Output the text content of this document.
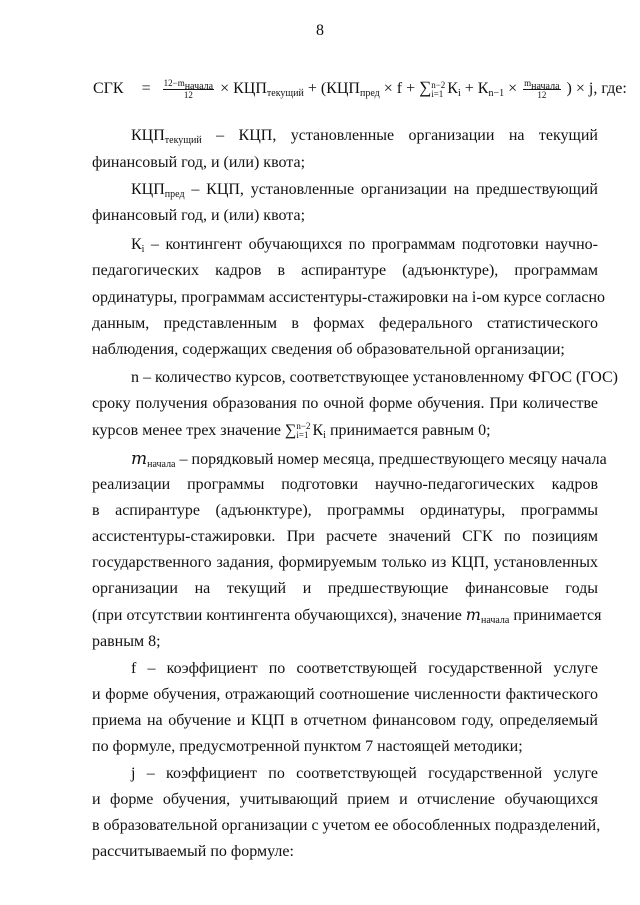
8
СГК = $\frac{12-m_{начала}}{12} \times КЦП_{текущий} + (КЦП_{пред} \times f$ + ∑ n−2
i=1 $К_i + К_{n-1} \times \frac{m_{начала}}{12}$ ) × j, где:
$КЦП_{текущий}$ – КЦП, установленные организации на текущий
финансовый год, и (или) квота;
$КЦП_{пред}$ – КЦП, установленные организации на предшествующий
финансовый год, и (или) квота;
$К_i$ – контингент обучающихся по программам подготовки научно-
педагогических кадров в аспирантуре (адъюнктуре), программам
ординатуры, программам ассистентуры-стажировки на i-ом курсе согласно
данным, представленным в формах федерального статистического
наблюдения, содержащих сведения об образовательной организации;
n – количество курсов, соответствующее установленному ФГОС (ГОС)
сроку получения образования по очной форме обучения. При количестве
курсов менее трех значение ∑ n−2
i=1 $К_i$ принимается равным 0;
$m_{начала}$ – порядковый номер месяца, предшествующего месяцу начала
реализации программы подготовки научно-педагогических кадров
в аспирантуре (адъюнктуре), программы ординатуры, программы
ассистентуры-стажировки. При расчете значений СГК по позициям
государственного задания, формируемым только из КЦП, установленных
организации на текущий и предшествующие финансовые годы
(при отсутствии контингента обучающихся), значение $m_{начала}$ принимается
равным 8;
f – коэффициент по соответствующей государственной услуге
и форме обучения, отражающий соотношение численности фактического
приема на обучение и КЦП в отчетном финансовом году, определяемый
по формуле, предусмотренной пунктом 7 настоящей методики;
j – коэффициент по соответствующей государственной услуге
и форме обучения, учитывающий прием и отчисление обучающихся
в образовательной организации с учетом ее обособленных подразделений,
рассчитываемый по формуле:
